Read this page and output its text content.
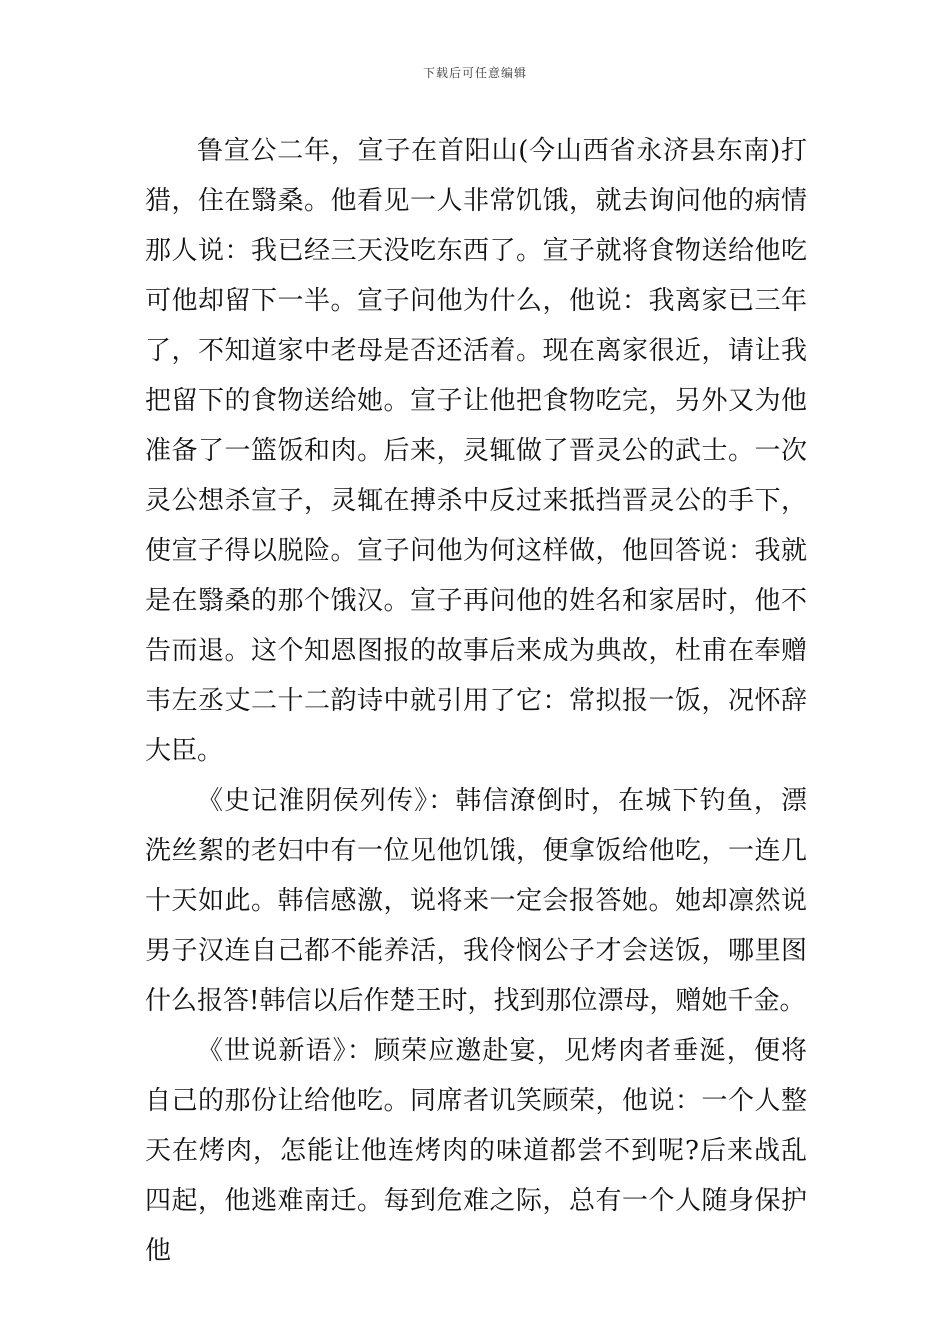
下载后可任意编辑

鲁宣公二年，宣子在首阳山(今山西省永济县东南)打猎，住在翳桑。他看见一人非常饥饿，就去询问他的病情那人说：我已经三天没吃东西了。宣子就将食物送给他吃可他却留下一半。宣子问他为什么，他说：我离家已三年了，不知道家中老母是否还活着。现在离家很近，请让我把留下的食物送给她。宣子让他把食物吃完，另外又为他准备了一篮饭和肉。后来，灵辄做了晋灵公的武士。一次灵公想杀宣子，灵辄在搏杀中反过来抵挡晋灵公的手下，使宣子得以脱险。宣子问他为何这样做，他回答说：我就是在翳桑的那个饿汉。宣子再问他的姓名和家居时，他不告而退。这个知恩图报的故事后来成为典故，杜甫在奉赠韦左丞丈二十二韵诗中就引用了它：常拟报一饭，况怀辞大臣。

《史记淮阴侯列传》：韩信潦倒时，在城下钓鱼，漂洗丝絮的老妇中有一位见他饥饿，便拿饭给他吃，一连几十天如此。韩信感激，说将来一定会报答她。她却凛然说男子汉连自己都不能养活，我伶悯公子才会送饭，哪里图什么报答!韩信以后作楚王时，找到那位漂母，赠她千金。

《世说新语》：顾荣应邀赴宴，见烤肉者垂涎，便将自己的那份让给他吃。同席者讥笑顾荣，他说：一个人整天在烤肉，怎能让他连烤肉的味道都尝不到呢?后来战乱四起，他逃难南迁。每到危难之际，总有一个人随身保护他
